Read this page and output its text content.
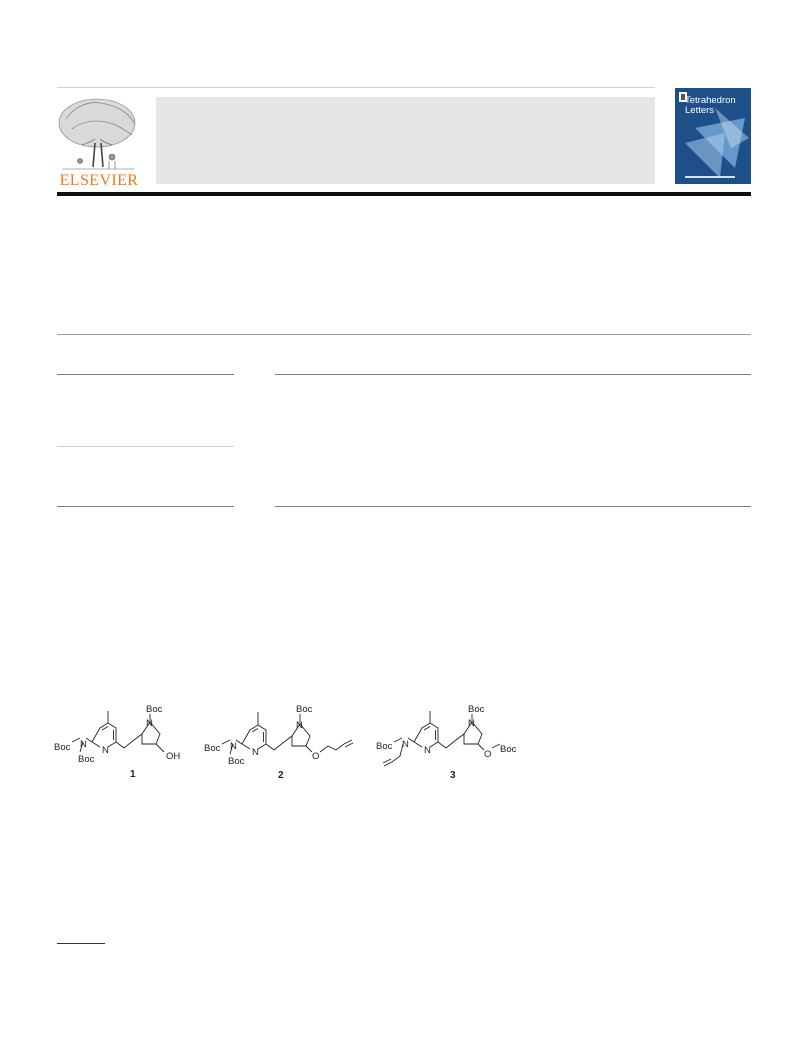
ELSEVIER
Tetrahedron Letters
Boc N
Boc
N
N
Boc
OH
1
Boc N
Boc
N
N
Boc
O
2
Boc N
N
N
Boc
O Boc
3
